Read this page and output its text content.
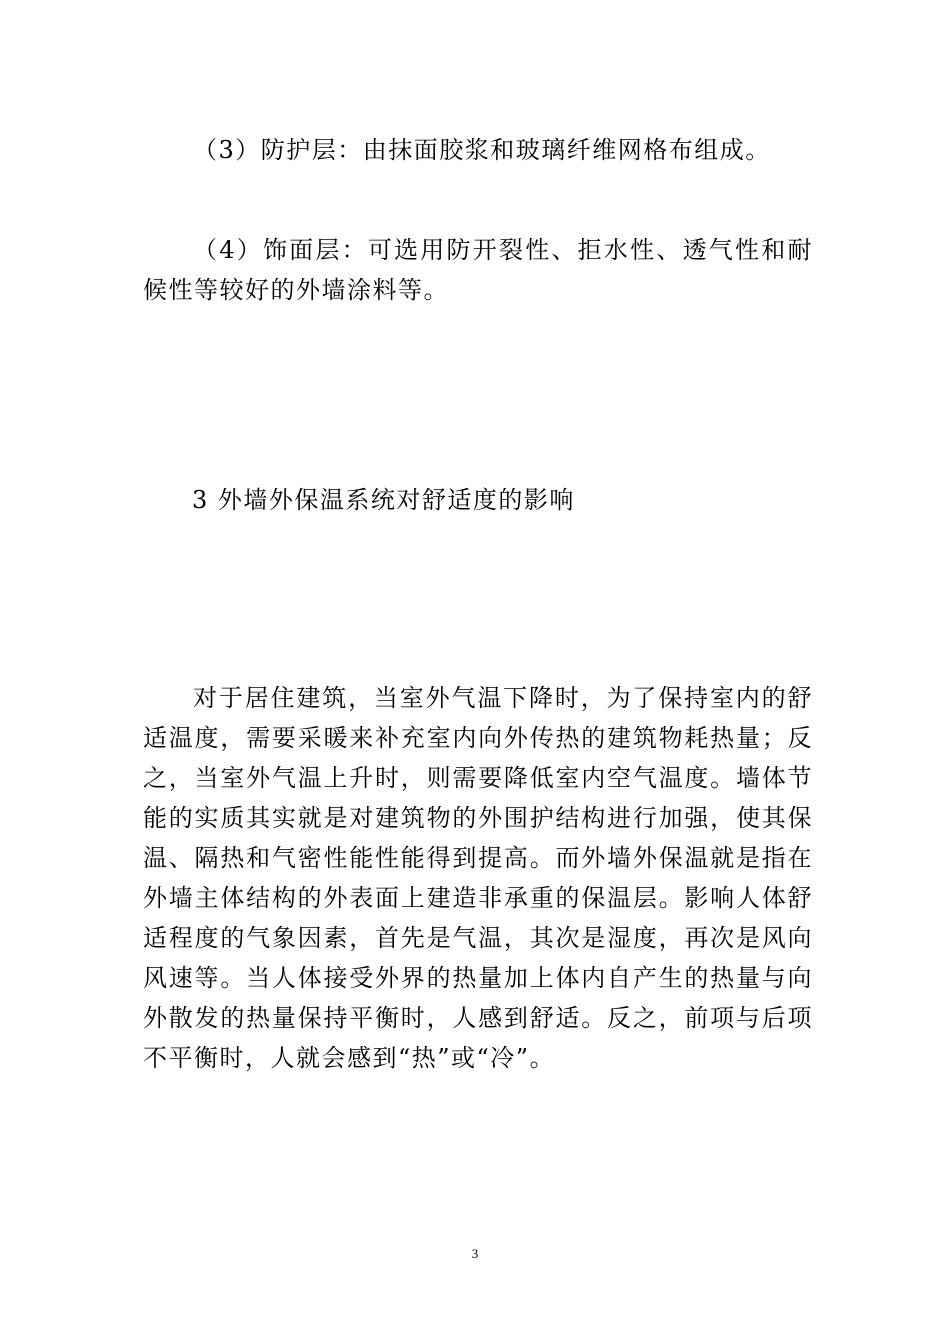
（3）防护层：由抹面胶浆和玻璃纤维网格布组成。

（4）饰面层：可选用防开裂性、拒水性、透气性和耐候性等较好的外墙涂料等。

3 外墙外保温系统对舒适度的影响

对于居住建筑，当室外气温下降时，为了保持室内的舒适温度，需要采暖来补充室内向外传热的建筑物耗热量；反之，当室外气温上升时，则需要降低室内空气温度。墙体节能的实质其实就是对建筑物的外围护结构进行加强，使其保温、隔热和气密性能性能得到提高。而外墙外保温就是指在外墙主体结构的外表面上建造非承重的保温层。影响人体舒适程度的气象因素，首先是气温，其次是湿度，再次是风向风速等。当人体接受外界的热量加上体内自产生的热量与向外散发的热量保持平衡时，人感到舒适。反之，前项与后项不平衡时，人就会感到“热”或“冷”。

3
